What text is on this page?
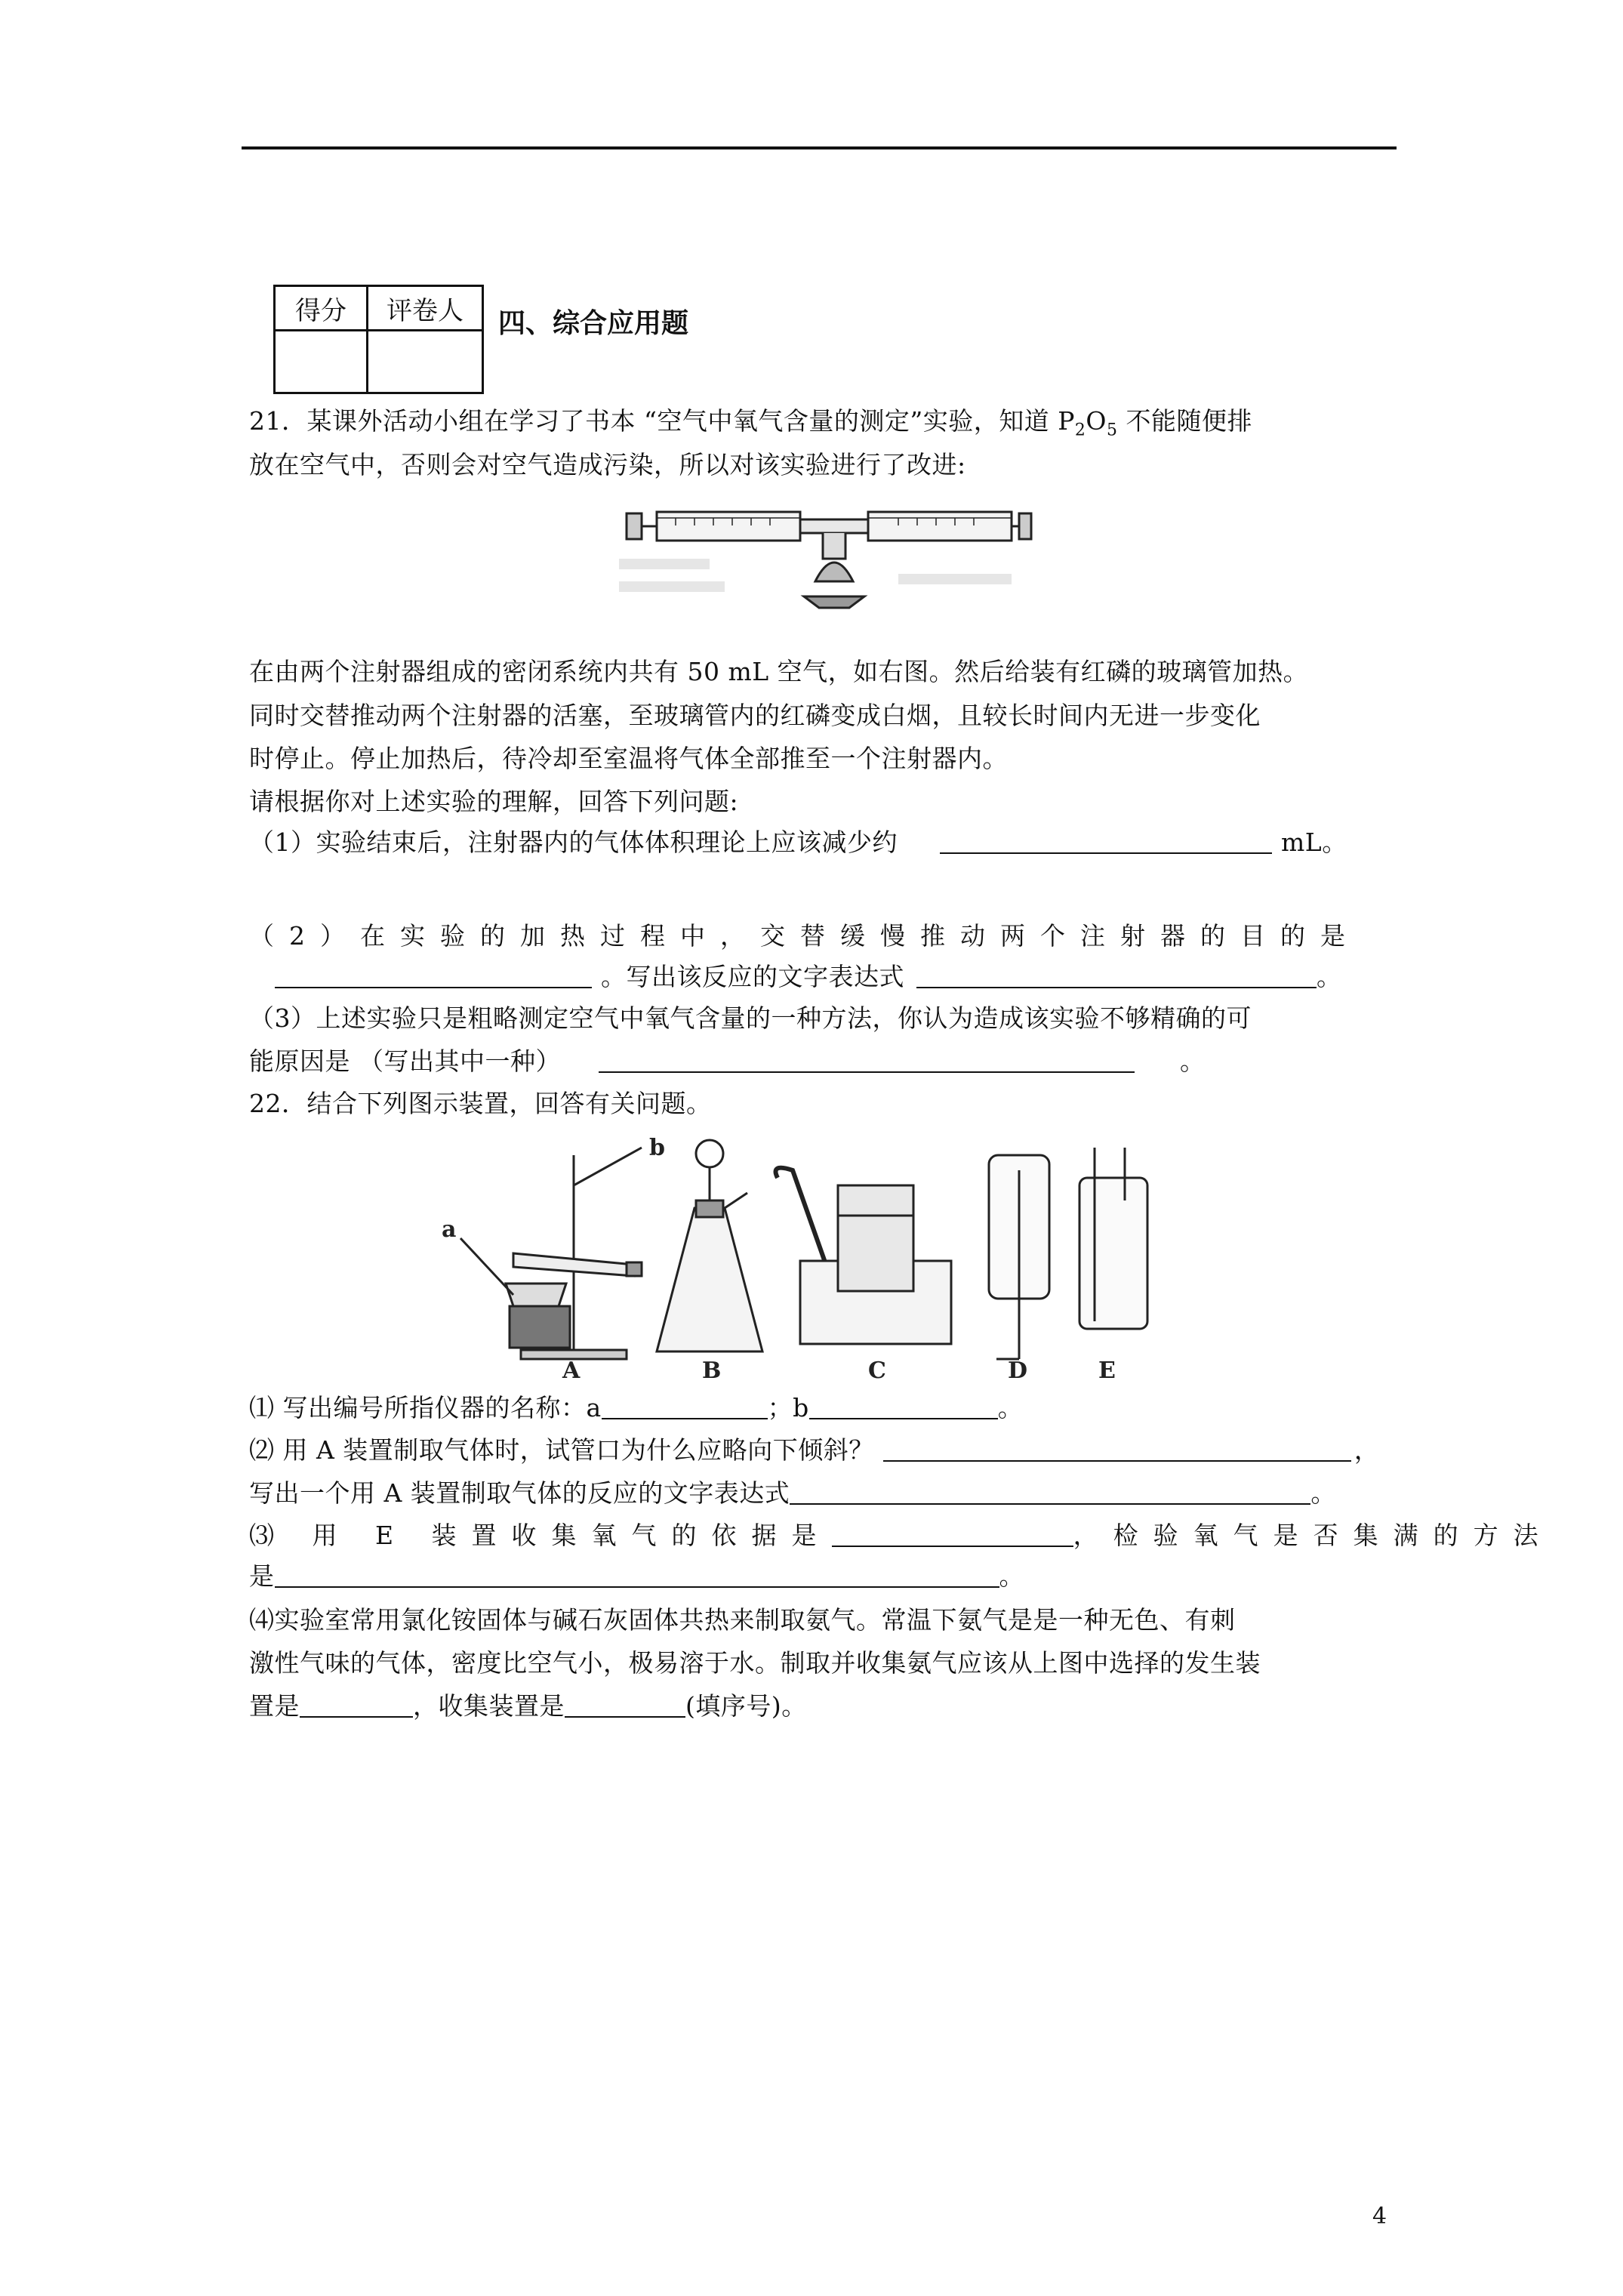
得分	评卷人
	四、综合应用题
21．某课外活动小组在学习了书本 “空气中氧气含量的测定”实验，知道 $P_2O_5$ 不能随便排
放在空气中，否则会对空气造成污染，所以对该实验进行了改进:
在由两个注射器组成的密闭系统内共有 50 mL 空气，如右图。然后给装有红磷的玻璃管加热。
同时交替推动两个注射器的活塞，至玻璃管内的红磷变成白烟，且较长时间内无进一步变化
时停止。停止加热后，待冷却至室温将气体全部推至一个注射器内。
请根据你对上述实验的理解，回答下列问题:
（1）实验结束后，注射器内的气体体积理论上应该减少约	mL。
（2）在实验的加热过程中，交替缓慢推动两个注射器的目的是
。写出该反应的文字表达式	。
（3）上述实验只是粗略测定空气中氧气含量的一种方法，你认为造成该实验不够精确的可
能原因是 （写出其中一种）	。
22．结合下列图示装置，回答有关问题。
a
b
A	B	C	D	E
⑴ 写出编号所指仪器的名称：a	；b	。
⑵ 用 A 装置制取气体时，试管口为什么应略向下倾斜？	，
写出一个用 A 装置制取气体的反应的文字表达式	。
⑶ 用 E 装置收集氧气的依据是	，检验氧气是否集满的方法
是	。
⑷实验室常用氯化铵固体与碱石灰固体共热来制取氨气。常温下氨气是是一种无色、有刺
激性气味的气体，密度比空气小，极易溶于水。制取并收集氨气应该从上图中选择的发生装
置是	，收集装置是	(填序号)。
4
